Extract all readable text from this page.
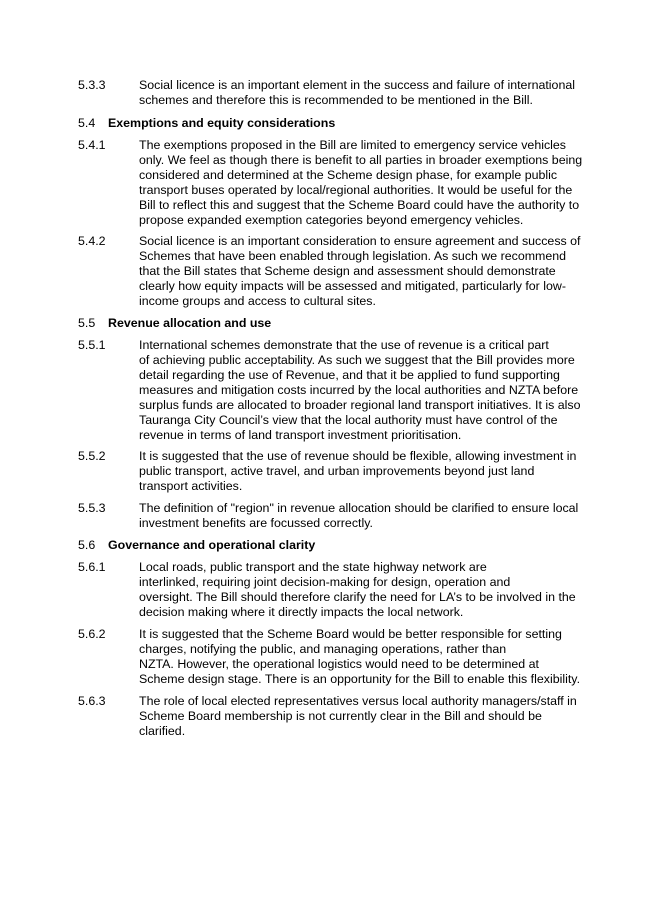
5.3.3	Social licence is an important element in the success and failure of international
schemes and therefore this is recommended to be mentioned in the Bill.
5.4 Exemptions and equity considerations
5.4.1	The exemptions proposed in the Bill are limited to emergency service vehicles
only. We feel as though there is benefit to all parties in broader exemptions being
considered and determined at the Scheme design phase, for example public
transport buses operated by local/regional authorities. It would be useful for the
Bill to reflect this and suggest that the Scheme Board could have the authority to
propose expanded exemption categories beyond emergency vehicles.
5.4.2	Social licence is an important consideration to ensure agreement and success of
Schemes that have been enabled through legislation. As such we recommend
that the Bill states that Scheme design and assessment should demonstrate
clearly how equity impacts will be assessed and mitigated, particularly for low-
income groups and access to cultural sites.
5.5 Revenue allocation and use
5.5.1	International schemes demonstrate that the use of revenue is a critical part
of achieving public acceptability. As such we suggest that the Bill provides more
detail regarding the use of Revenue, and that it be applied to fund supporting
measures and mitigation costs incurred by the local authorities and NZTA before
surplus funds are allocated to broader regional land transport initiatives. It is also
Tauranga City Council’s view that the local authority must have control of the
revenue in terms of land transport investment prioritisation.
5.5.2	It is suggested that the use of revenue should be flexible, allowing investment in
public transport, active travel, and urban improvements beyond just land
transport activities.
5.5.3	The definition of "region" in revenue allocation should be clarified to ensure local
investment benefits are focussed correctly.
5.6 Governance and operational clarity
5.6.1	Local roads, public transport and the state highway network are
interlinked, requiring joint decision-making for design, operation and
oversight. The Bill should therefore clarify the need for LA’s to be involved in the
decision making where it directly impacts the local network.
5.6.2	It is suggested that the Scheme Board would be better responsible for setting
charges, notifying the public, and managing operations, rather than
NZTA. However, the operational logistics would need to be determined at
Scheme design stage. There is an opportunity for the Bill to enable this flexibility.
5.6.3	The role of local elected representatives versus local authority managers/staff in
Scheme Board membership is not currently clear in the Bill and should be
clarified.
